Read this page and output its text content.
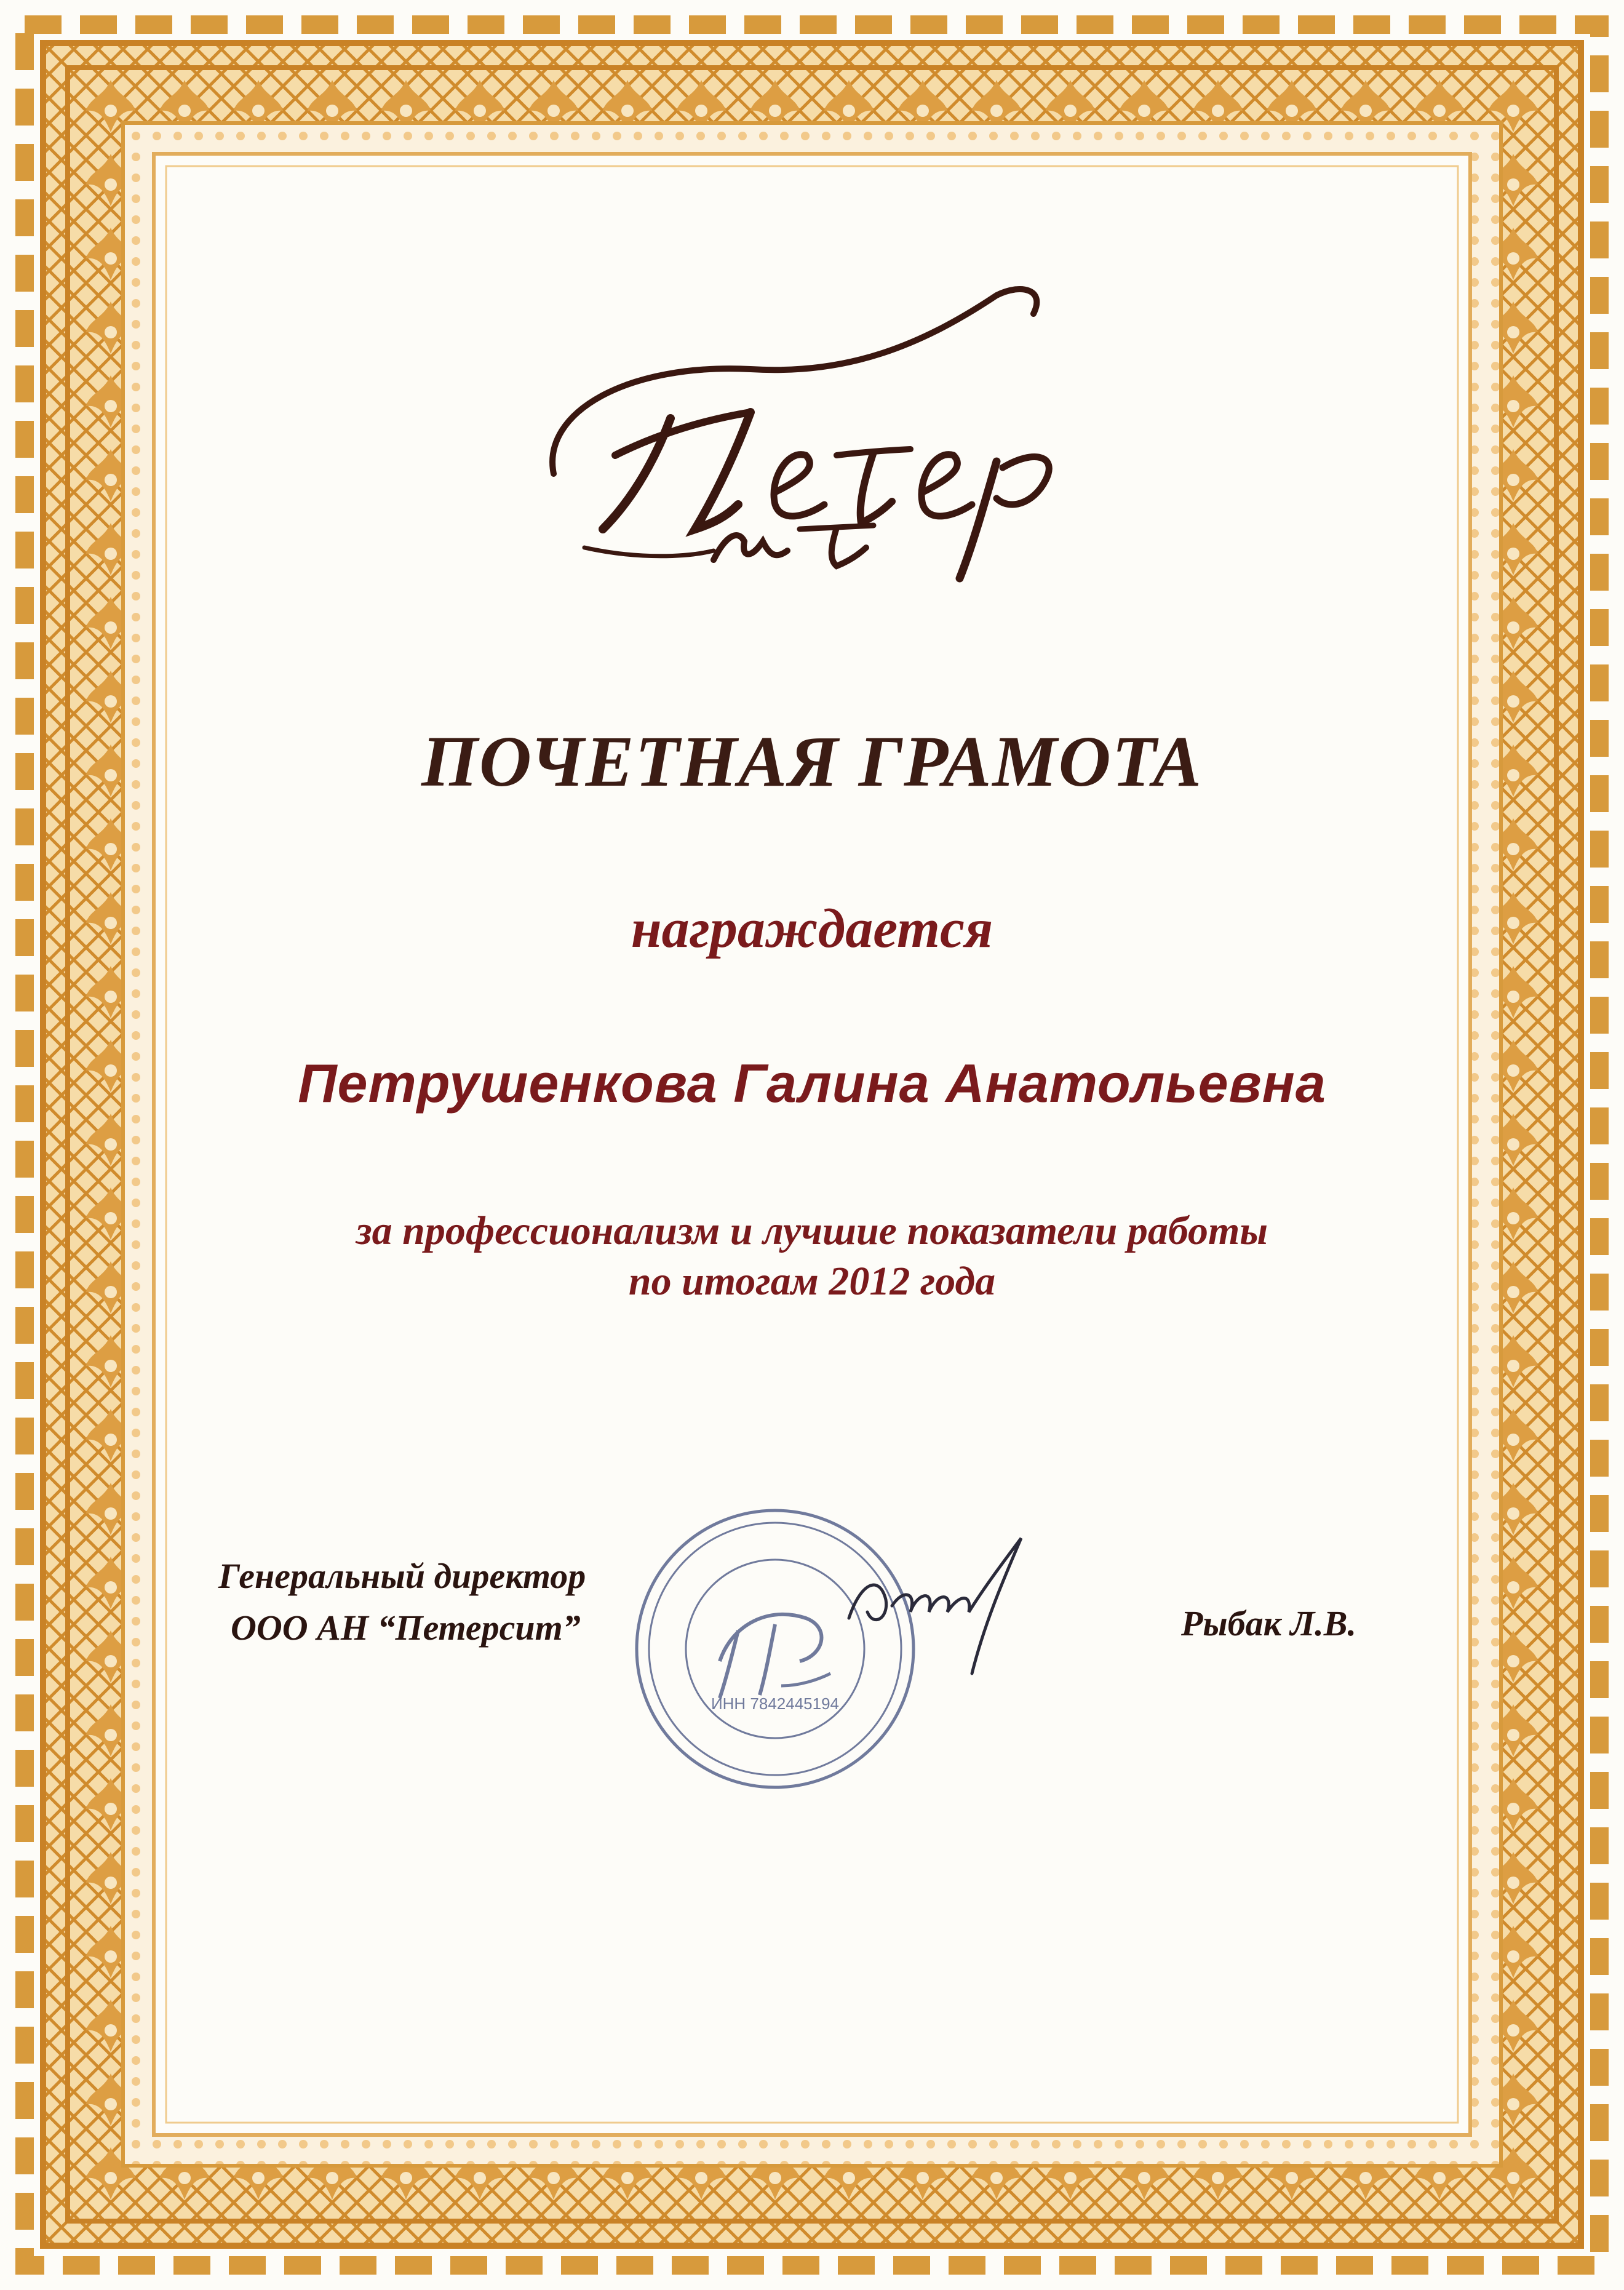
ПОЧЕТНАЯ ГРАМОТА
награждается
Петрушенкова Галина Анатольевна
за профессионализм и лучшие показатели работы
по итогам 2012 года
ИНН 7842445194
Генеральный директор
ООО АН “Петерсит”	Рыбак Л.В.
